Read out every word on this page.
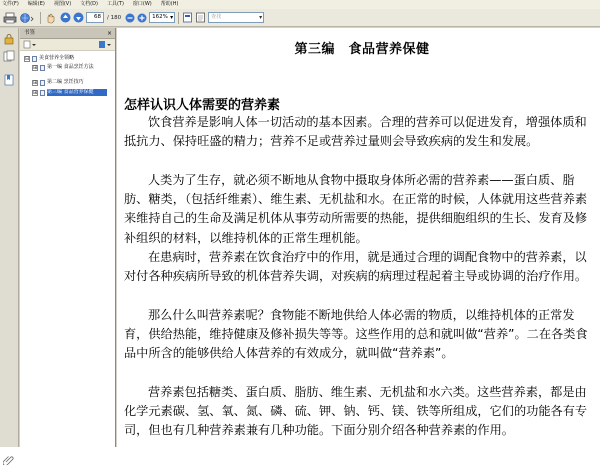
文件(F) 编辑(E) 视图(V) 文档(D) 工具(T) 窗口(W) 帮助(H)
68	/ 180	162% ▾	查找 ▾
书签	×
⊟ 美食营养全领略
⊞ 第一编 食品烹饪方法
⊞ 第二编 烹饪技巧
⊞ 第三编 食品营养保健
第三编　食品营养保健
怎样认识人体需要的营养素

饮食营养是影响人体一切活动的基本因素。合理的营养可以促进发育，增强体质和抵抗力、保持旺盛的精力；营养不足或营养过量则会导致疾病的发生和发展。

人类为了生存，就必须不断地从食物中摄取身体所必需的营养素——蛋白质、脂肪、糖类，（包括纤维素）、维生素、无机盐和水。在正常的时候，人体就用这些营养素来维持自己的生命及满足机体从事劳动所需要的热能，提供细胞组织的生长、发育及修补组织的材料，以维持机体的正常生理机能。

在患病时，营养素在饮食治疗中的作用，就是通过合理的调配食物中的营养素，以对付各种疾病所导致的机体营养失调，对疾病的病理过程起着主导或协调的治疗作用。

那么什么叫营养素呢？食物能不断地供给人体必需的物质，以维持机体的正常发育，供给热能，维持健康及修补损失等等。这些作用的总和就叫做“营养”。二在各类食品中所含的能够供给人体营养的有效成分，就叫做“营养素”。

营养素包括糖类、蛋白质、脂肪、维生素、无机盐和水六类。这些营养素，都是由化学元素碳、氢、氧、氮、磷、硫、钾、钠、钙、镁、铁等所组成，它们的功能各有专司，但也有几种营养素兼有几种功能。下面分别介绍各种营养素的作用。
